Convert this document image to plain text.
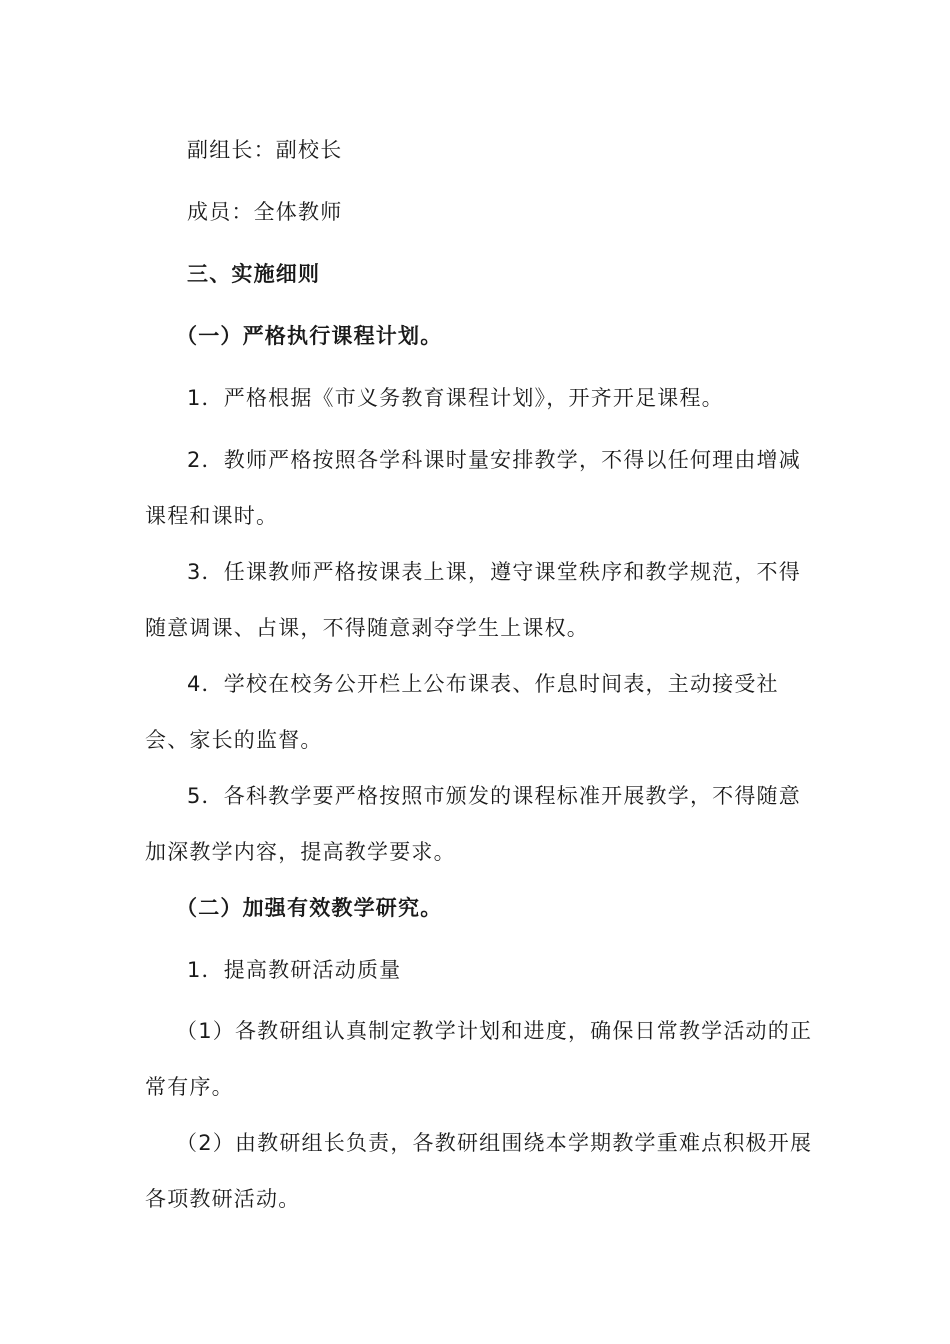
副组长：副校长

成员：全体教师

三、实施细则

（一）严格执行课程计划。

1．严格根据《市义务教育课程计划》，开齐开足课程。

2．教师严格按照各学科课时量安排教学，不得以任何理由增减课程和课时。

3．任课教师严格按课表上课，遵守课堂秩序和教学规范，不得随意调课、占课，不得随意剥夺学生上课权。

4．学校在校务公开栏上公布课表、作息时间表，主动接受社会、家长的监督。

5．各科教学要严格按照市颁发的课程标准开展教学，不得随意加深教学内容，提高教学要求。

（二）加强有效教学研究。

1．提高教研活动质量

（1）各教研组认真制定教学计划和进度，确保日常教学活动的正常有序。

（2）由教研组长负责，各教研组围绕本学期教学重难点积极开展各项教研活动。
